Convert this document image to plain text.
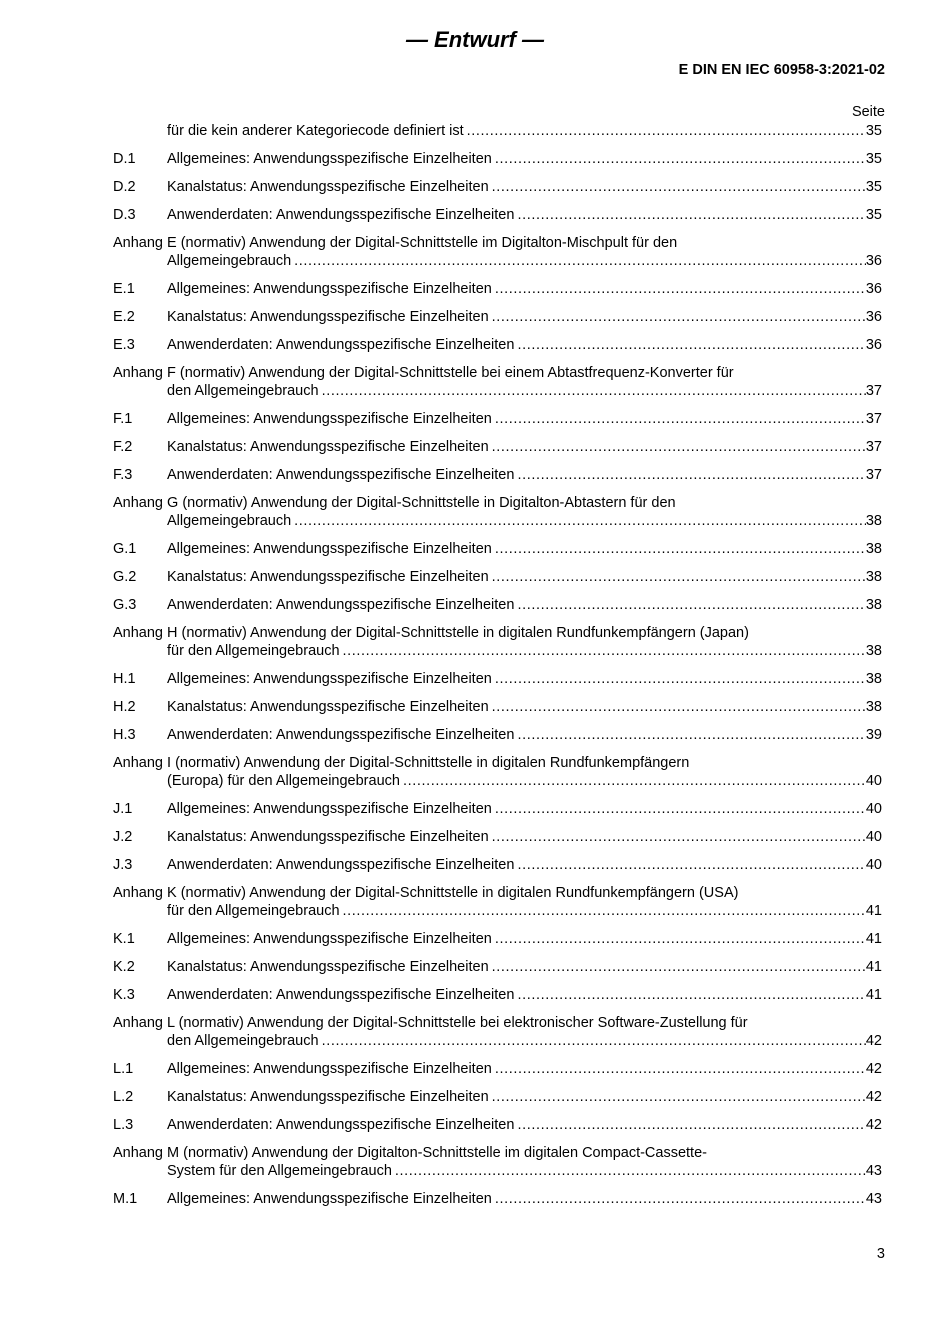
— Entwurf —
E DIN EN IEC 60958-3:2021-02
Seite
für die kein anderer Kategoriecode definiert ist .....	35
D.1 Allgemeines: Anwendungsspezifische Einzelheiten .....	35
D.2 Kanalstatus: Anwendungsspezifische Einzelheiten .....	35
D.3 Anwenderdaten: Anwendungsspezifische Einzelheiten .....	35
Anhang E (normativ) Anwendung der Digital-Schnittstelle im Digitalton-Mischpult für den
Allgemeingebrauch .....	36
E.1 Allgemeines: Anwendungsspezifische Einzelheiten .....	36
E.2 Kanalstatus: Anwendungsspezifische Einzelheiten .....	36
E.3 Anwenderdaten: Anwendungsspezifische Einzelheiten .....	36
Anhang F (normativ) Anwendung der Digital-Schnittstelle bei einem Abtastfrequenz-Konverter für
den Allgemeingebrauch .....	37
F.1 Allgemeines: Anwendungsspezifische Einzelheiten .....	37
F.2 Kanalstatus: Anwendungsspezifische Einzelheiten .....	37
F.3 Anwenderdaten: Anwendungsspezifische Einzelheiten .....	37
Anhang G (normativ) Anwendung der Digital-Schnittstelle in Digitalton-Abtastern für den
Allgemeingebrauch .....	38
G.1 Allgemeines: Anwendungsspezifische Einzelheiten .....	38
G.2 Kanalstatus: Anwendungsspezifische Einzelheiten .....	38
G.3 Anwenderdaten: Anwendungsspezifische Einzelheiten .....	38
Anhang H (normativ) Anwendung der Digital-Schnittstelle in digitalen Rundfunkempfängern (Japan)
für den Allgemeingebrauch .....	38
H.1 Allgemeines: Anwendungsspezifische Einzelheiten .....	38
H.2 Kanalstatus: Anwendungsspezifische Einzelheiten .....	38
H.3 Anwenderdaten: Anwendungsspezifische Einzelheiten .....	39
Anhang I (normativ) Anwendung der Digital-Schnittstelle in digitalen Rundfunkempfängern
(Europa) für den Allgemeingebrauch .....	40
J.1 Allgemeines: Anwendungsspezifische Einzelheiten .....	40
J.2 Kanalstatus: Anwendungsspezifische Einzelheiten .....	40
J.3 Anwenderdaten: Anwendungsspezifische Einzelheiten .....	40
Anhang K (normativ) Anwendung der Digital-Schnittstelle in digitalen Rundfunkempfängern (USA)
für den Allgemeingebrauch .....	41
K.1 Allgemeines: Anwendungsspezifische Einzelheiten .....	41
K.2 Kanalstatus: Anwendungsspezifische Einzelheiten .....	41
K.3 Anwenderdaten: Anwendungsspezifische Einzelheiten .....	41
Anhang L (normativ) Anwendung der Digital-Schnittstelle bei elektronischer Software-Zustellung für
den Allgemeingebrauch .....	42
L.1 Allgemeines: Anwendungsspezifische Einzelheiten .....	42
L.2 Kanalstatus: Anwendungsspezifische Einzelheiten .....	42
L.3 Anwenderdaten: Anwendungsspezifische Einzelheiten .....	42
Anhang M (normativ) Anwendung der Digitalton-Schnittstelle im digitalen Compact-Cassette-
System für den Allgemeingebrauch .....	43
M.1 Allgemeines: Anwendungsspezifische Einzelheiten .....	43
3
